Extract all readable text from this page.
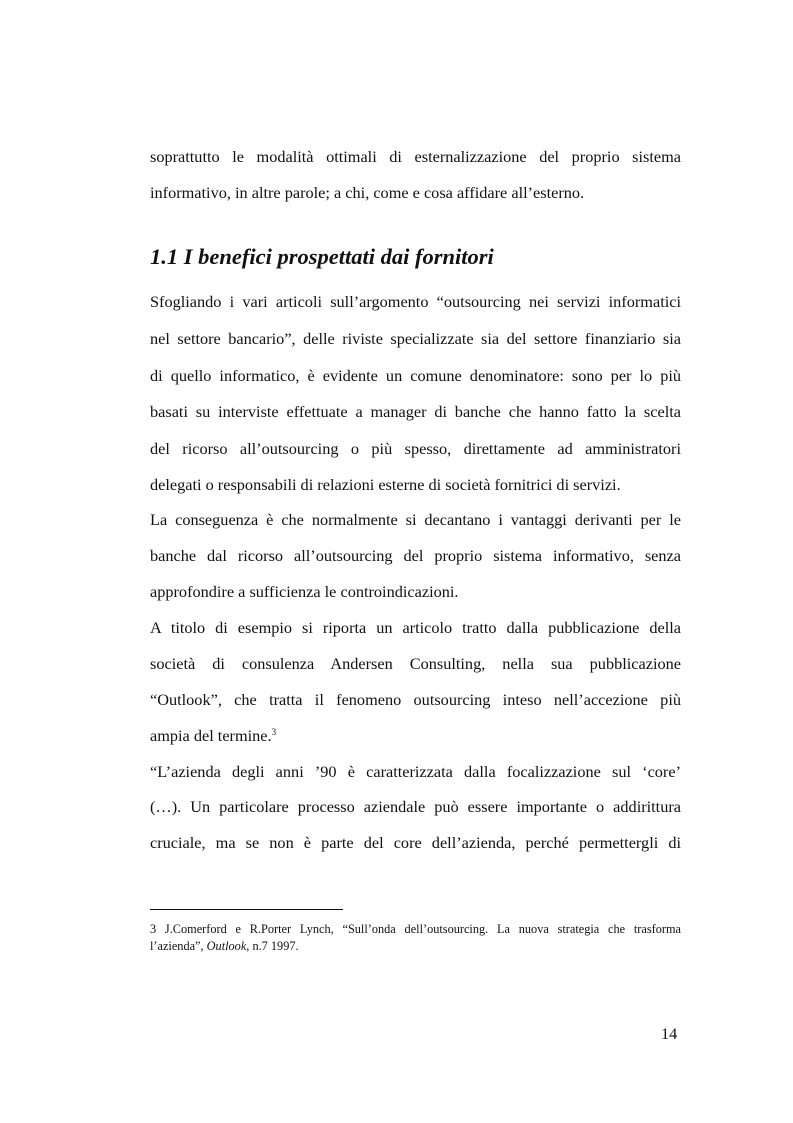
soprattutto le modalità ottimali di esternalizzazione del proprio sistema
informativo, in altre parole; a chi, come e cosa affidare all’esterno.
1.1 I benefici prospettati dai fornitori
Sfogliando i vari articoli sull’argomento “outsourcing nei servizi informatici
nel settore bancario”, delle riviste specializzate sia del settore finanziario sia
di quello informatico, è evidente un comune denominatore: sono per lo più
basati su interviste effettuate a manager di banche che hanno fatto la scelta
del ricorso all’outsourcing o più spesso, direttamente ad amministratori
delegati o responsabili di relazioni esterne di società fornitrici di servizi.
La conseguenza è che normalmente si decantano i vantaggi derivanti per le
banche dal ricorso all’outsourcing del proprio sistema informativo, senza
approfondire a sufficienza le controindicazioni.
A titolo di esempio si riporta un articolo tratto dalla pubblicazione della
società di consulenza Andersen Consulting, nella sua pubblicazione
“Outlook”, che tratta il fenomeno outsourcing inteso nell’accezione più
ampia del termine.$^3$
“L’azienda degli anni ’90 è caratterizzata dalla focalizzazione sul ‘core’
(…). Un particolare processo aziendale può essere importante o addirittura
cruciale, ma se non è parte del core dell’azienda, perché permettergli di
3 J.Comerford e R.Porter Lynch, “Sull’onda dell’outsourcing. La nuova strategia che trasforma
l’azienda”, Outlook, n.7 1997.
14
